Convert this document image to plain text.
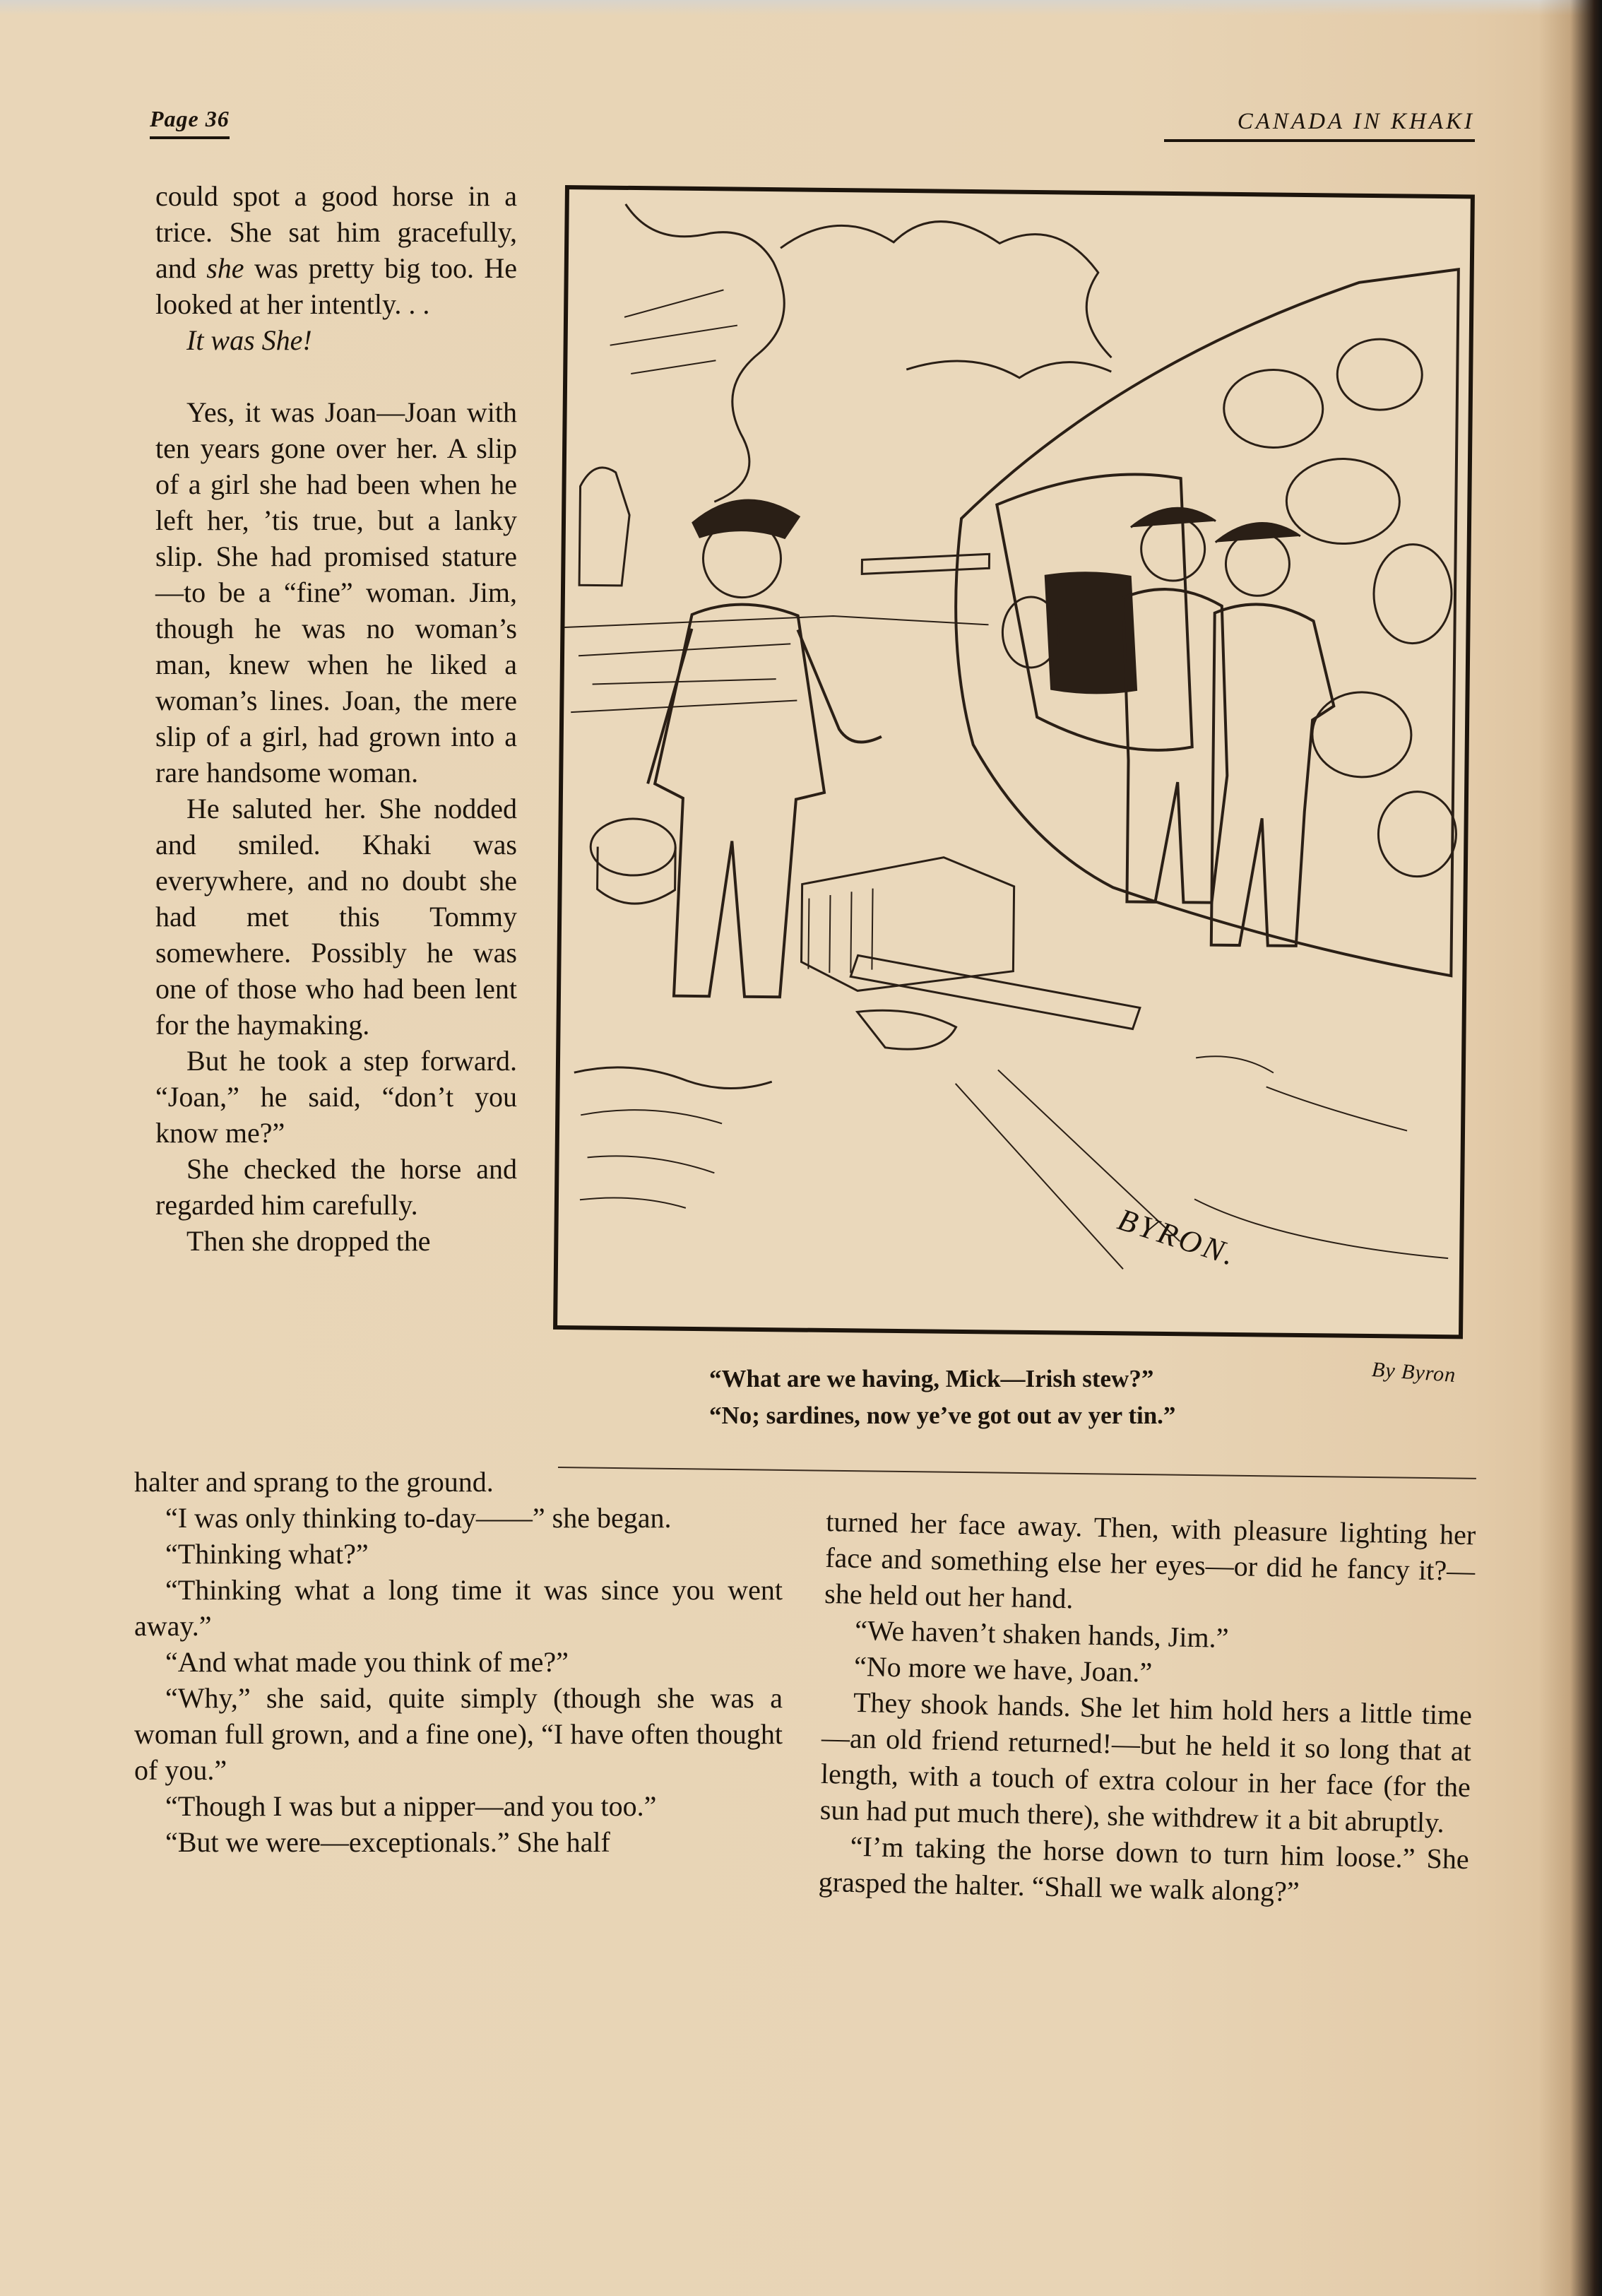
Page 36	CANADA IN KHAKI

could spot a good horse in a trice. She sat him gracefully, and she was pretty big too. He looked at her intently. . .

It was She!

Yes, it was Joan—Joan with ten years gone over her. A slip of a girl she had been when he left her, ’tis true, but a lanky slip. She had promised stature—to be a “fine” woman. Jim, though he was no woman’s man, knew when he liked a woman’s lines. Joan, the mere slip of a girl, had grown into a rare handsome woman.

He saluted her. She nodded and smiled. Khaki was everywhere, and no doubt she had met this Tommy somewhere. Possibly he was one of those who had been lent for the haymaking.

But he took a step forward. “Joan,” he said, “don’t you know me?”

She checked the horse and regarded him carefully.

Then she dropped the	BYRON.
By Byron
“What are we having, Mick—Irish stew?”
“No; sardines, now ye’ve got out av yer tin.”

halter and sprang to the ground.

“I was only thinking to-day——” she began.

“Thinking what?”

“Thinking what a long time it was since you went away.”

“And what made you think of me?”

“Why,” she said, quite simply (though she was a woman full grown, and a fine one), “I have often thought of you.”

“Though I was but a nipper—and you too.”

“But we were—exceptionals.” She half

turned her face away. Then, with pleasure lighting her face and something else her eyes—or did he fancy it?—she held out her hand.

“We haven’t shaken hands, Jim.”

“No more we have, Joan.”

They shook hands. She let him hold hers a little time—an old friend returned!—but he held it so long that at length, with a touch of extra colour in her face (for the sun had put much there), she withdrew it a bit abruptly.

“I’m taking the horse down to turn him loose.” She grasped the halter. “Shall we walk along?”
